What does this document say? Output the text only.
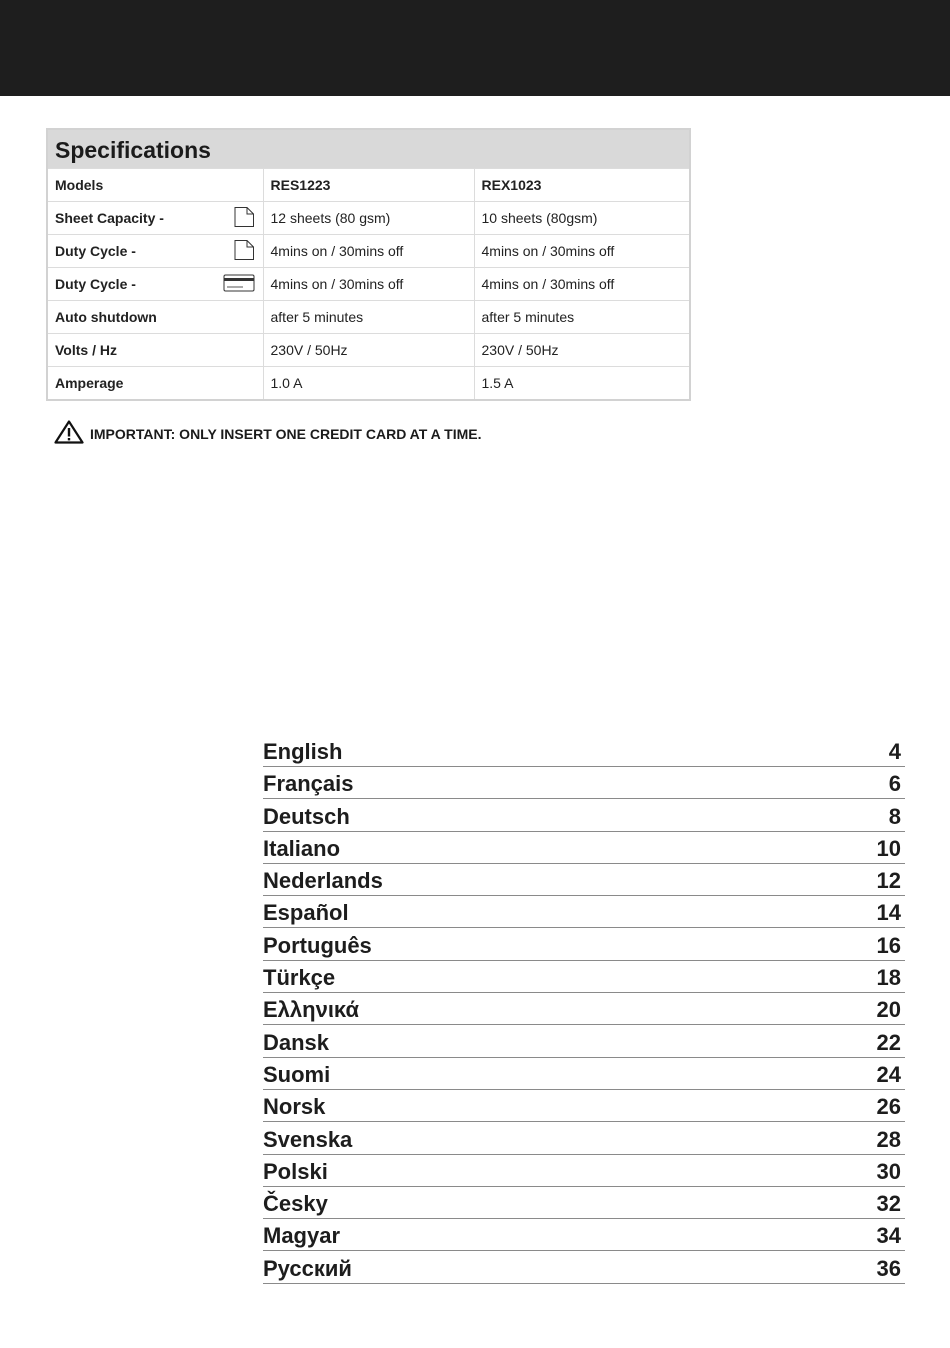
Specifications
Models	RES1223	REX1023

Sheet Capacity -	12 sheets (80 gsm)	10 sheets (80gsm)

Duty Cycle -	4mins on / 30mins off	4mins on / 30mins off

Duty Cycle -	4mins on / 30mins off	4mins on / 30mins off
Auto shutdown	after 5 minutes	after 5 minutes
Volts / Hz	230V / 50Hz	230V / 50Hz
Amperage	1.0 A	1.5 A
IMPORTANT: ONLY INSERT ONE CREDIT CARD AT A TIME.
English	4
Français	6
Deutsch	8
Italiano	10
Nederlands	12
Español	14
Português	16
Türkçe	18
Ελληνικά	20
Dansk	22
Suomi	24
Norsk	26
Svenska	28
Polski	30
Česky	32
Magyar	34
Русский	36
